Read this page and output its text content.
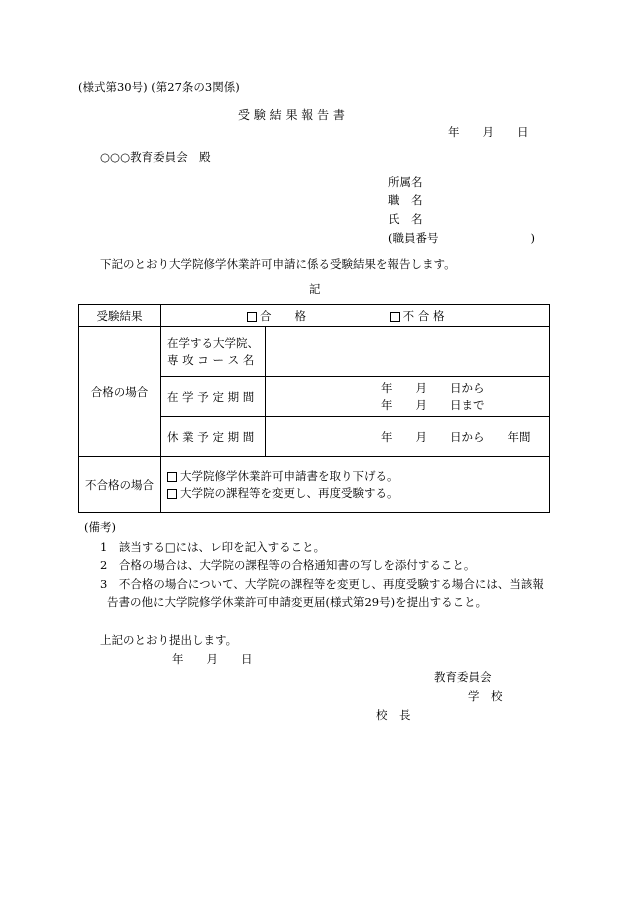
(様式第30号) (第27条の3関係)
受 験 結 果 報 告 書
年　　月　　日
○○○教育委員会　殿
所属名
職　名
氏　名
(職員番号　　　　　　　　)
下記のとおり大学院修学休業許可申請に係る受験結果を報告します。
記
受験結果	合　　格 不 合 格	
合格の場合	在学する大学院、
専 攻 コ ー ス 名	

	在 学 予 定 期 間	年　　月　　日から
年　　月　　日まで

	休 業 予 定 期 間	年　　月　　日から　　年間

不合格の場合	大学院修学休業許可申請書を取り下げる。
大学院の課程等を変更し、再度受験する。	
(備考)
1　該当する□には、レ印を記入すること。
2　合格の場合は、大学院の課程等の合格通知書の写しを添付すること。
3　不合格の場合について、大学院の課程等を変更し、再度受験する場合には、当該報
告書の他に大学院修学休業許可申請変更届(様式第29号)を提出すること。
上記のとおり提出します。
年　　月　　日
教育委員会
学　校
校　長
